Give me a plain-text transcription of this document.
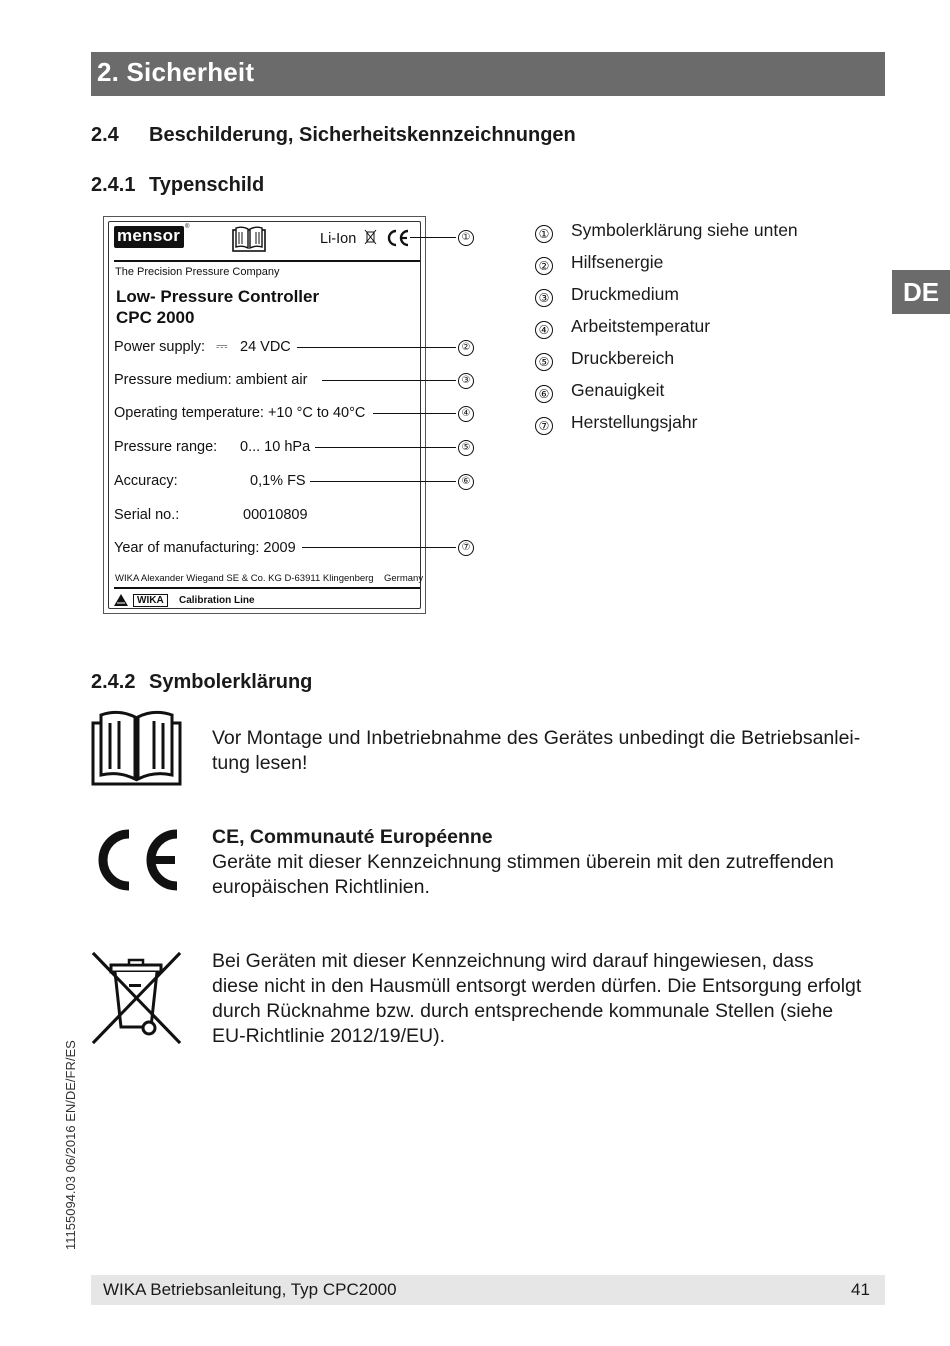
2. Sicherheit
DE
2.4 Beschilderung, Sicherheitskennzeichnungen
2.4.1 Typenschild
mensor ®
Li-Ion	①
The Precision Pressure Company
Low- Pressure Controller
CPC 2000
Power supply: ⎓ 24 VDC	②
Pressure medium: ambient air	③
Operating temperature: +10 °C to 40°C	④
Pressure range: 0... 10 hPa	⑤
Accuracy:	0,1% FS	⑥
Serial no.:	00010809
Year of manufacturing: 2009	⑦
WIKA Alexander Wiegand SE & Co. KG D-63911 Klingenberg Germany
WIKA	Calibration Line
① Symbolerklärung siehe unten
② Hilfsenergie
③ Druckmedium
④ Arbeitstemperatur
⑤ Druckbereich
⑥ Genauigkeit
⑦ Herstellungsjahr
2.4.2 Symbolerklärung
Vor Montage und Inbetriebnahme des Gerätes unbedingt die Betriebsanlei-
tung lesen!
CE, Communauté Européenne
Geräte mit dieser Kennzeichnung stimmen überein mit den zutreffenden
europäischen Richtlinien.
Bei Geräten mit dieser Kennzeichnung wird darauf hingewiesen, dass
diese nicht in den Hausmüll entsorgt werden dürfen. Die Entsorgung erfolgt
durch Rücknahme bzw. durch entsprechende kommunale Stellen (siehe
EU-Richtlinie 2012/19/EU).
11155094.03 06/2016 EN/DE/FR/ES
WIKA Betriebsanleitung, Typ CPC2000	41
